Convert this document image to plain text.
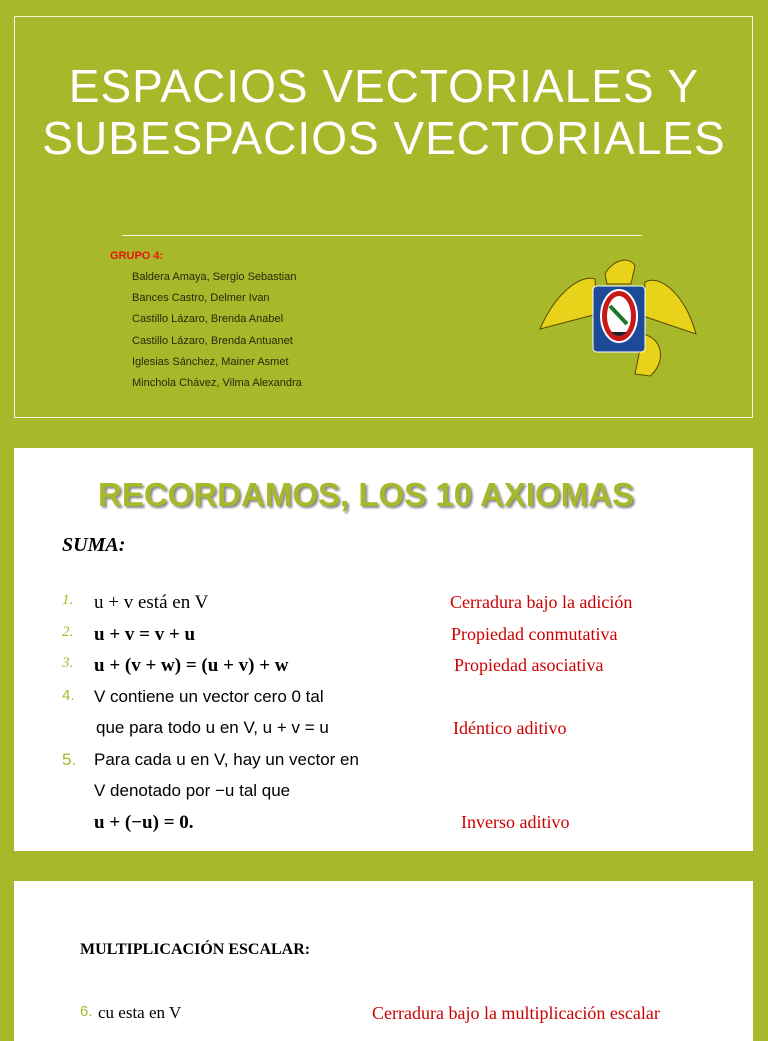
ESPACIOS VECTORIALES Y SUBESPACIOS VECTORIALES
GRUPO 4:
Baldera Amaya, Sergio Sebastian
Bances Castro, Delmer Ivan
Castillo Lázaro, Brenda Anabel
Castillo Lázaro, Brenda Antuanet
Iglesias Sánchez, Mainer Asmet
Minchola Chávez, Vilma Alexandra
RECORDAMOS, LOS 10 AXIOMAS
SUMA:
1. u + v está en V	Cerradura bajo la adición
2. u + v = v + u	Propiedad conmutativa
3. u + (v + w) = (u + v) + w	Propiedad asociativa
4. V contiene un vector cero 0 tal
que para todo u en V, u + v = u	Idéntico aditivo
5. Para cada u en V, hay un vector en
V denotado por −u tal que
u + (−u) = 0.	Inverso aditivo
MULTIPLICACIÓN ESCALAR:
6. cu esta en V	Cerradura bajo la multiplicación escalar
